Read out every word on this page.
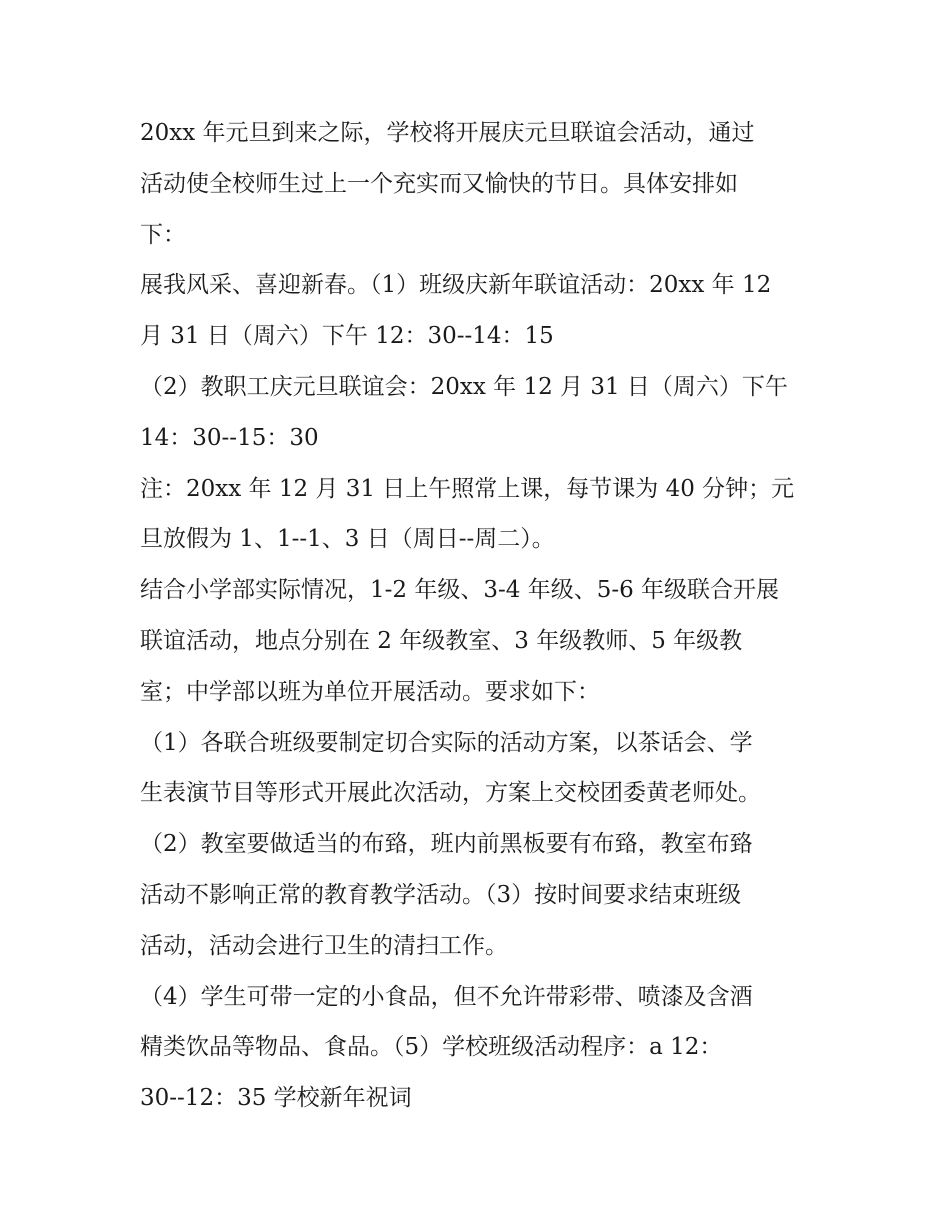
20xx 年元旦到来之际，学校将开展庆元旦联谊会活动，通过
活动使全校师生过上一个充实而又愉快的节日。具体安排如
下：
展我风采、喜迎新春。（1）班级庆新年联谊活动：20xx 年 12
月 31 日（周六）下午 12：30--14：15
（2）教职工庆元旦联谊会：20xx 年 12 月 31 日（周六）下午
14：30--15：30
注：20xx 年 12 月 31 日上午照常上课，每节课为 40 分钟；元
旦放假为 1、1--1、3 日（周日--周二）。
结合小学部实际情况，1-2 年级、3-4 年级、5-6 年级联合开展
联谊活动，地点分别在 2 年级教室、3 年级教师、5 年级教
室；中学部以班为单位开展活动。要求如下：
（1）各联合班级要制定切合实际的活动方案，以茶话会、学
生表演节目等形式开展此次活动，方案上交校团委黄老师处。
（2）教室要做适当的布臵，班内前黑板要有布臵，教室布臵
活动不影响正常的教育教学活动。（3）按时间要求结束班级
活动，活动会进行卫生的清扫工作。
（4）学生可带一定的小食品，但不允许带彩带、喷漆及含酒
精类饮品等物品、食品。（5）学校班级活动程序：a 12：
30--12：35 学校新年祝词
